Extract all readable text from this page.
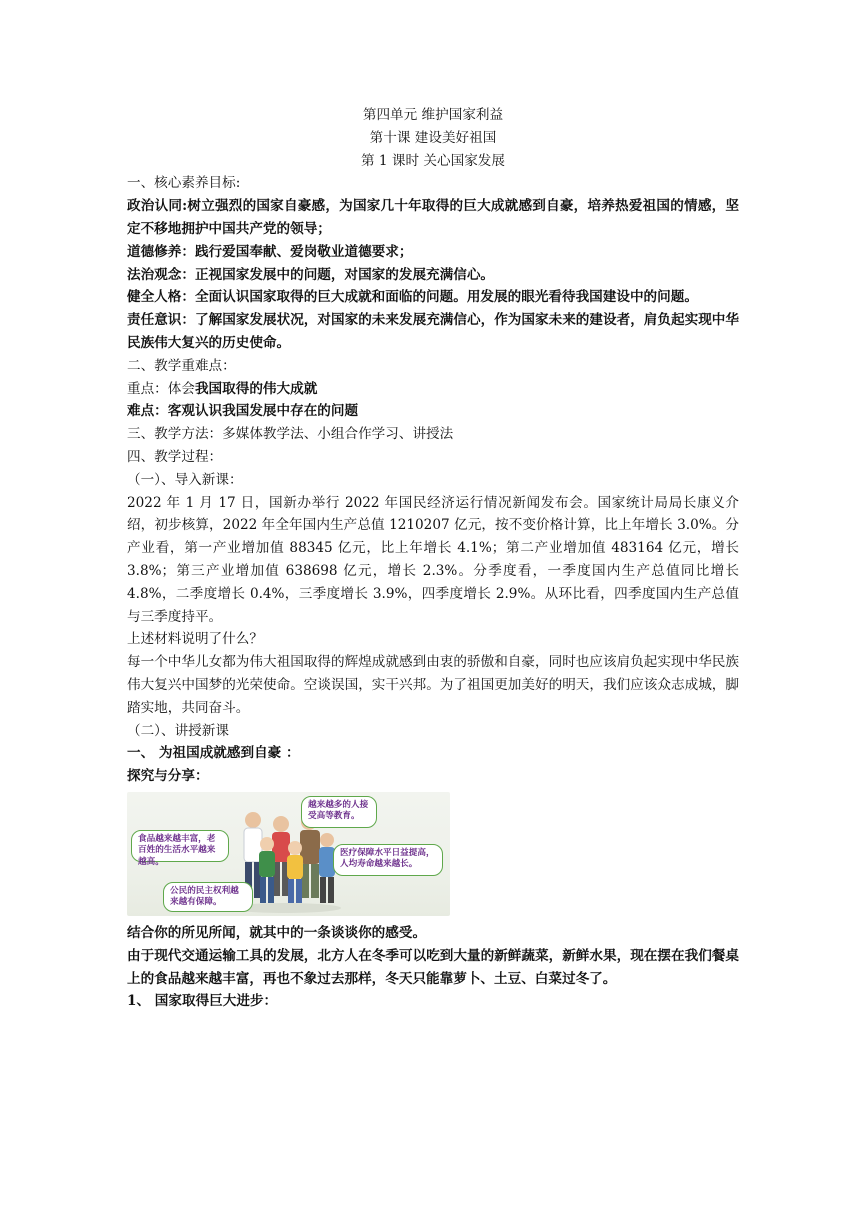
第四单元 维护国家利益
第十课 建设美好祖国
第 1 课时 关心国家发展

一、核心素养目标:

政治认同:树立强烈的国家自豪感，为国家几十年取得的巨大成就感到自豪，培养热爱祖国的情感，坚定不移地拥护中国共产党的领导；

道德修养：践行爱国奉献、爱岗敬业道德要求；

法治观念：正视国家发展中的问题，对国家的发展充满信心。

健全人格：全面认识国家取得的巨大成就和面临的问题。用发展的眼光看待我国建设中的问题。

责任意识：了解国家发展状况，对国家的未来发展充满信心，作为国家未来的建设者，肩负起实现中华民族伟大复兴的历史使命。

二、教学重难点：

重点：体会我国取得的伟大成就

难点：客观认识我国发展中存在的问题

三、教学方法：多媒体教学法、小组合作学习、讲授法

四、教学过程：

（一）、导入新课：

2022 年 1 月 17 日，国新办举行 2022 年国民经济运行情况新闻发布会。国家统计局局长康义介绍，初步核算，2022 年全年国内生产总值 1210207 亿元，按不变价格计算，比上年增长 3.0%。分产业看，第一产业增加值 88345 亿元，比上年增长 4.1%；第二产业增加值 483164 亿元，增长 3.8%；第三产业增加值 638698 亿元，增长 2.3%。分季度看，一季度国内生产总值同比增长 4.8%，二季度增长 0.4%，三季度增长 3.9%，四季度增长 2.9%。从环比看，四季度国内生产总值与三季度持平。

上述材料说明了什么？

每一个中华儿女都为伟大祖国取得的辉煌成就感到由衷的骄傲和自豪，同时也应该肩负起实现中华民族伟大复兴中国梦的光荣使命。空谈误国，实干兴邦。为了祖国更加美好的明天，我们应该众志成城，脚踏实地，共同奋斗。

（二）、讲授新课

一、 为祖国成就感到自豪 ：

探究与分享：

食品越来越丰富，老百姓的生活水平越来越高。
越来越多的人接受高等教育。
医疗保障水平日益提高，人均寿命越来越长。
公民的民主权利越来越有保障。

结合你的所见所闻，就其中的一条谈谈你的感受。

由于现代交通运输工具的发展，北方人在冬季可以吃到大量的新鲜蔬菜，新鲜水果，现在摆在我们餐桌上的食品越来越丰富，再也不象过去那样，冬天只能靠萝卜、土豆、白菜过冬了。

1、 国家取得巨大进步：
